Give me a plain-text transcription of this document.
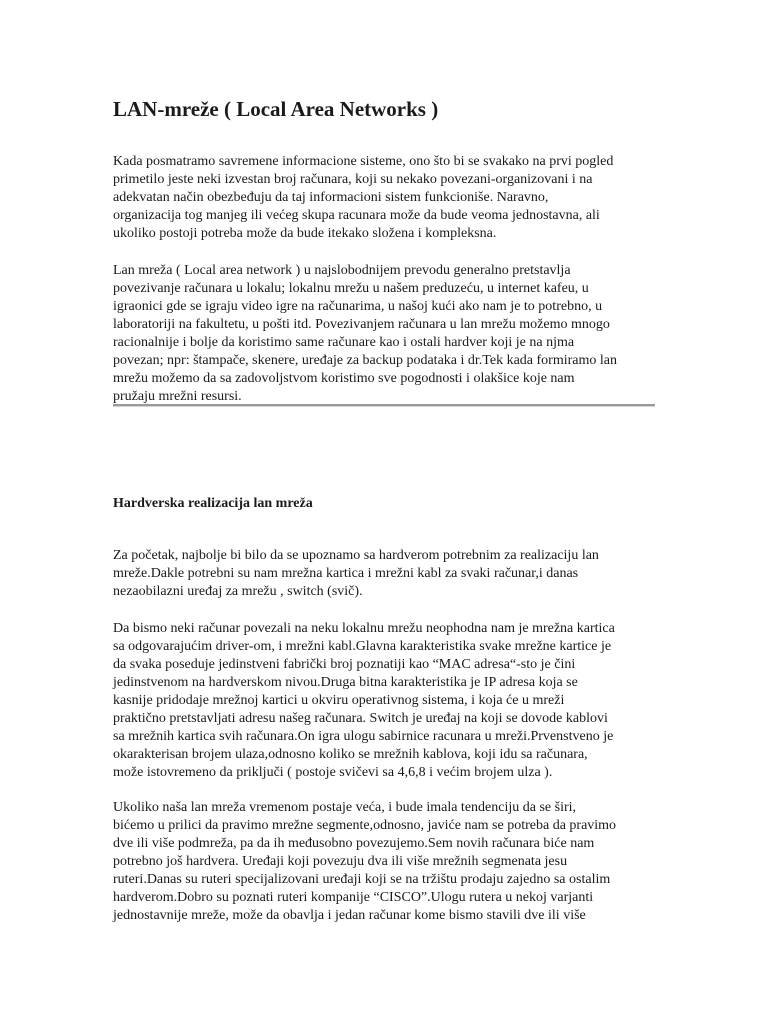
LAN-mreže ( Local Area Networks )

Kada posmatramo savremene informacione sisteme, ono što bi se svakako na prvi pogled
primetilo jeste neki izvestan broj računara, koji su nekako povezani-organizovani i na
adekvatan način obezbeđuju da taj informacioni sistem funkcioniše. Naravno,
organizacija tog manjeg ili većeg skupa racunara može da bude veoma jednostavna, ali
ukoliko postoji potreba može da bude itekako složena i kompleksna.

Lan mreža ( Local area network ) u najslobodnijem prevodu generalno pretstavlja
povezivanje računara u lokalu; lokalnu mrežu u našem preduzeću, u internet kafeu, u
igraonici gde se igraju video igre na računarima, u našoj kući ako nam je to potrebno, u
laboratoriji na fakultetu, u pošti itd. Povezivanjem računara u lan mrežu možemo mnogo
racionalnije i bolje da koristimo same računare kao i ostali hardver koji je na njma
povezan; npr: štampače, skenere, uređaje za backup podataka i dr.Tek kada formiramo lan
mrežu možemo da sa zadovoljstvom koristimo sve pogodnosti i olakšice koje nam
pružaju mrežni resursi.

Hardverska realizacija lan mreža

Za početak, najbolje bi bilo da se upoznamo sa hardverom potrebnim za realizaciju lan
mreže.Dakle potrebni su nam mrežna kartica i mrežni kabl za svaki računar,i danas
nezaobilazni uređaj za mrežu , switch (svič).

Da bismo neki računar povezali na neku lokalnu mrežu neophodna nam je mrežna kartica
sa odgovarajućim driver-om, i mrežni kabl.Glavna karakteristika svake mrežne kartice je
da svaka poseduje jedinstveni fabrički broj poznatiji kao “MAC adresa“-sto je čini
jedinstvenom na hardverskom nivou.Druga bitna karakteristika je IP adresa koja se
kasnije pridodaje mrežnoj kartici u okviru operativnog sistema, i koja će u mreži
praktično pretstavljati adresu našeg računara. Switch je uređaj na koji se dovode kablovi
sa mrežnih kartica svih računara.On igra ulogu sabirnice racunara u mreži.Prvenstveno je
okarakterisan brojem ulaza,odnosno koliko se mrežnih kablova, koji idu sa računara,
može istovremeno da priključi ( postoje svičevi sa 4,6,8 i većim brojem ulza ).

Ukoliko naša lan mreža vremenom postaje veća, i bude imala tendenciju da se širi,
bićemo u prilici da pravimo mrežne segmente,odnosno, javiće nam se potreba da pravimo
dve ili više podmreža, pa da ih međusobno povezujemo.Sem novih računara biće nam
potrebno još hardvera. Uređaji koji povezuju dva ili više mrežnih segmenata jesu
ruteri.Danas su ruteri specijalizovani uređaji koji se na tržištu prodaju zajedno sa ostalim
hardverom.Dobro su poznati ruteri kompanije “CISCO”.Ulogu rutera u nekoj varjanti
jednostavnije mreže, može da obavlja i jedan računar kome bismo stavili dve ili više
